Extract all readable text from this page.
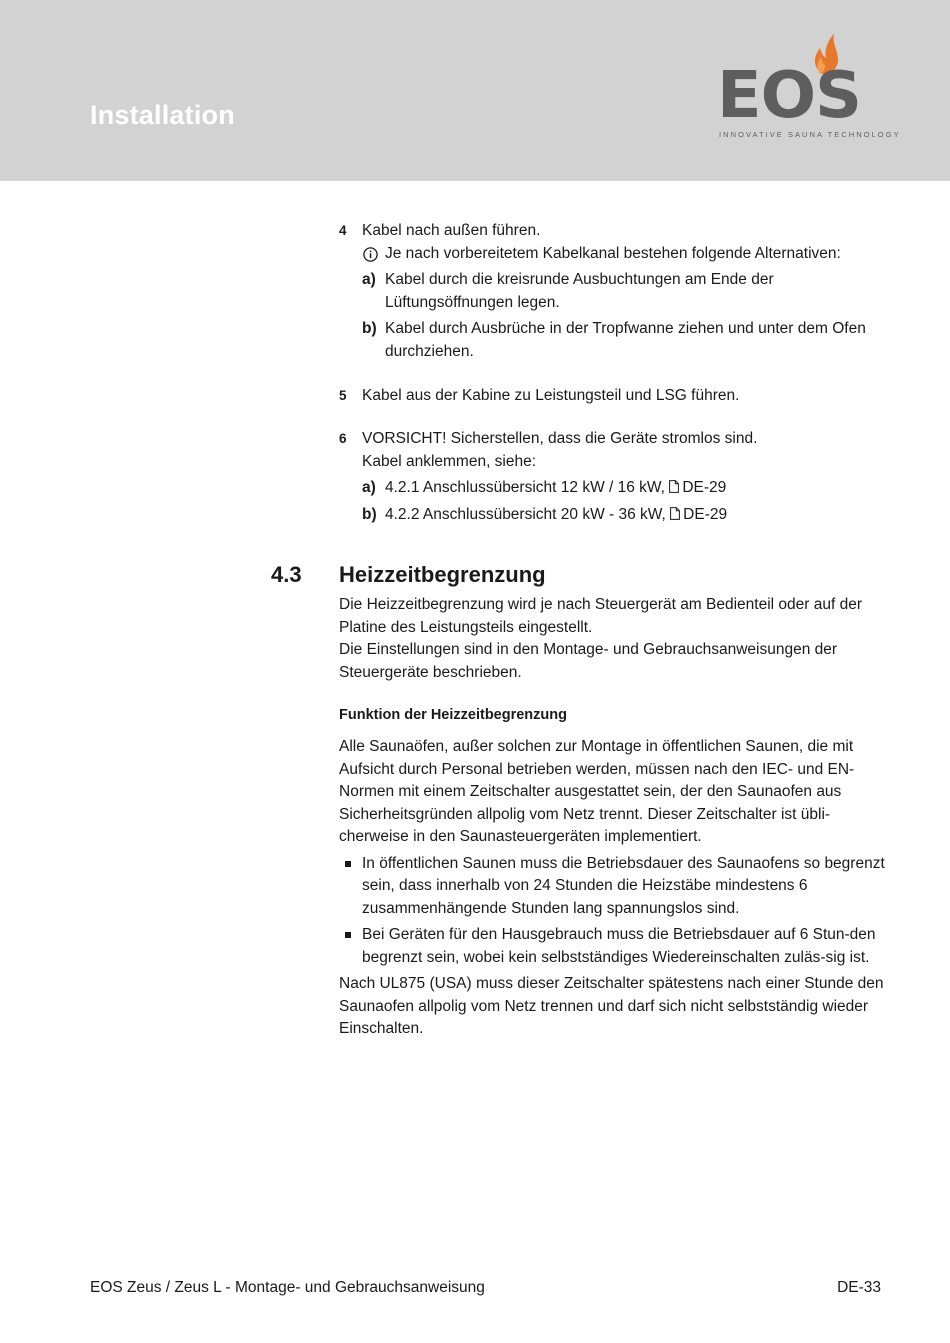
Installation	EOS
INNOVATIVE SAUNA TECHNOLOGY
4 Kabel nach außen führen.
Je nach vorbereitetem Kabelkanal bestehen folgende Alternativen:
a) Kabel durch die kreisrunde Ausbuchtungen am Ende der Lüftungsöffnungen legen.
b) Kabel durch Ausbrüche in der Tropfwanne ziehen und unter dem Ofen durchziehen.
5 Kabel aus der Kabine zu Leistungsteil und LSG führen.
6 VORSICHT! Sicherstellen, dass die Geräte stromlos sind.
Kabel anklemmen, siehe:
a) 4.2.1 Anschlussübersicht 12 kW / 16 kW, DE-29
b) 4.2.2 Anschlussübersicht 20 kW - 36 kW, DE-29
4.3 Heizzeitbegrenzung
Die Heizzeitbegrenzung wird je nach Steuergerät am Bedienteil oder auf der Platine des Leistungsteils eingestellt.
Die Einstellungen sind in den Montage- und Gebrauchsanweisungen der Steuergeräte beschrieben.
Funktion der Heizzeitbegrenzung
Alle Saunaöfen, außer solchen zur Montage in öffentlichen Saunen, die mit Aufsicht durch Personal betrieben werden, müssen nach den IEC- und EN-Normen mit einem Zeitschalter ausgestattet sein, der den Saunaofen aus Sicherheitsgründen allpolig vom Netz trennt. Dieser Zeitschalter ist übli-cherweise in den Saunasteuergeräten implementiert.
In öffentlichen Saunen muss die Betriebsdauer des Saunaofens so begrenzt sein, dass innerhalb von 24 Stunden die Heizstäbe mindestens 6 zusammenhängende Stunden lang spannungslos sind.
Bei Geräten für den Hausgebrauch muss die Betriebsdauer auf 6 Stun-den begrenzt sein, wobei kein selbstständiges Wiedereinschalten zuläs-sig ist.
Nach UL875 (USA) muss dieser Zeitschalter spätestens nach einer Stunde den Saunaofen allpolig vom Netz trennen und darf sich nicht selbstständig wieder Einschalten.
EOS Zeus / Zeus L - Montage- und Gebrauchsanweisung	DE-33
